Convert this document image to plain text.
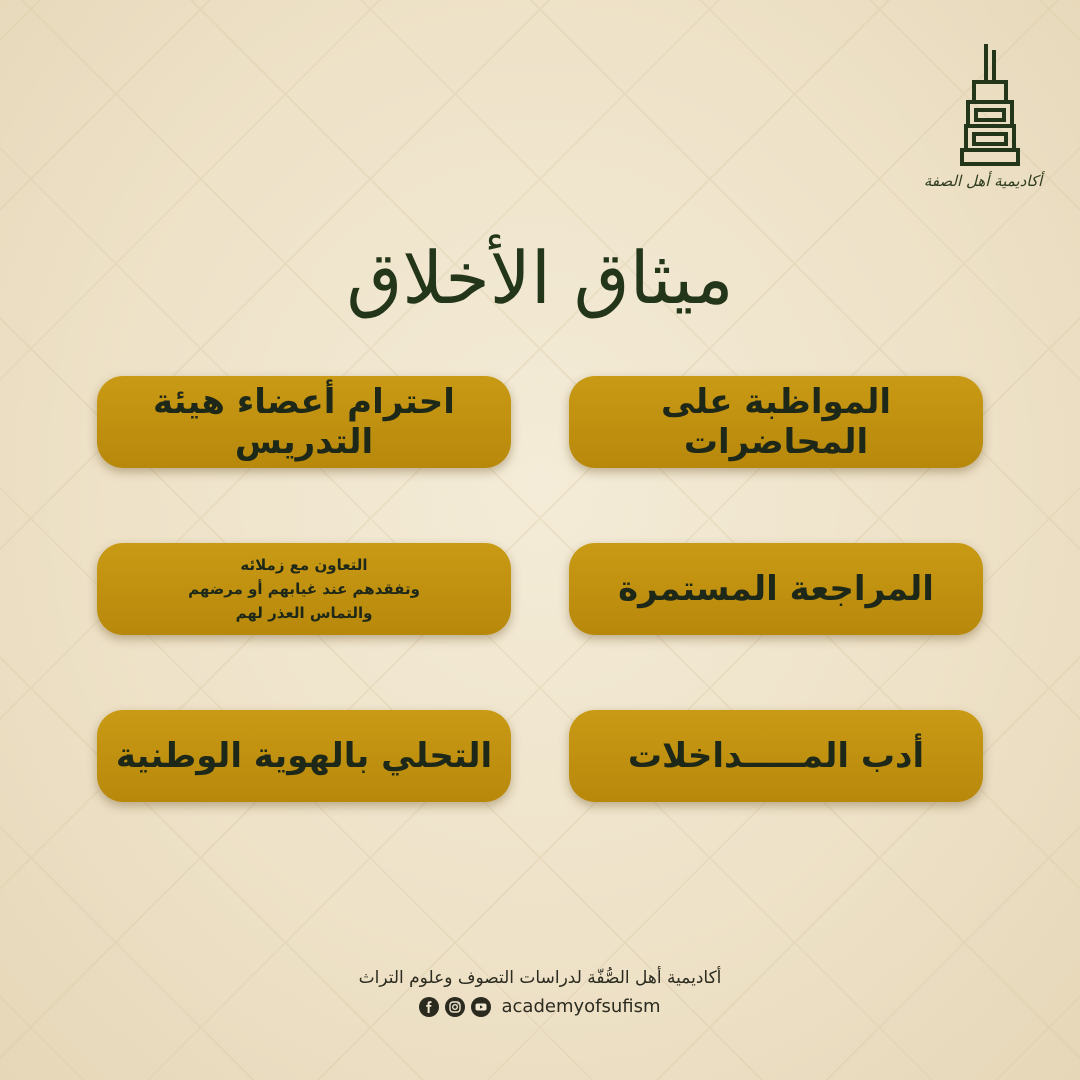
أكاديمية أهل الصفة
ميثاق الأخلاق
المواظبة على المحاضرات
احترام أعضاء هيئة التدريس
المراجعة المستمرة
التعاون مع زملائه
وتفقدهم عند غيابهم أو مرضهم
والتماس العذر لهم
أدب المـــــداخلات
التحلي بالهوية الوطنية
أكاديمية أهل الصُّفّة لدراسات التصوف وعلوم التراث
academyofsufism
